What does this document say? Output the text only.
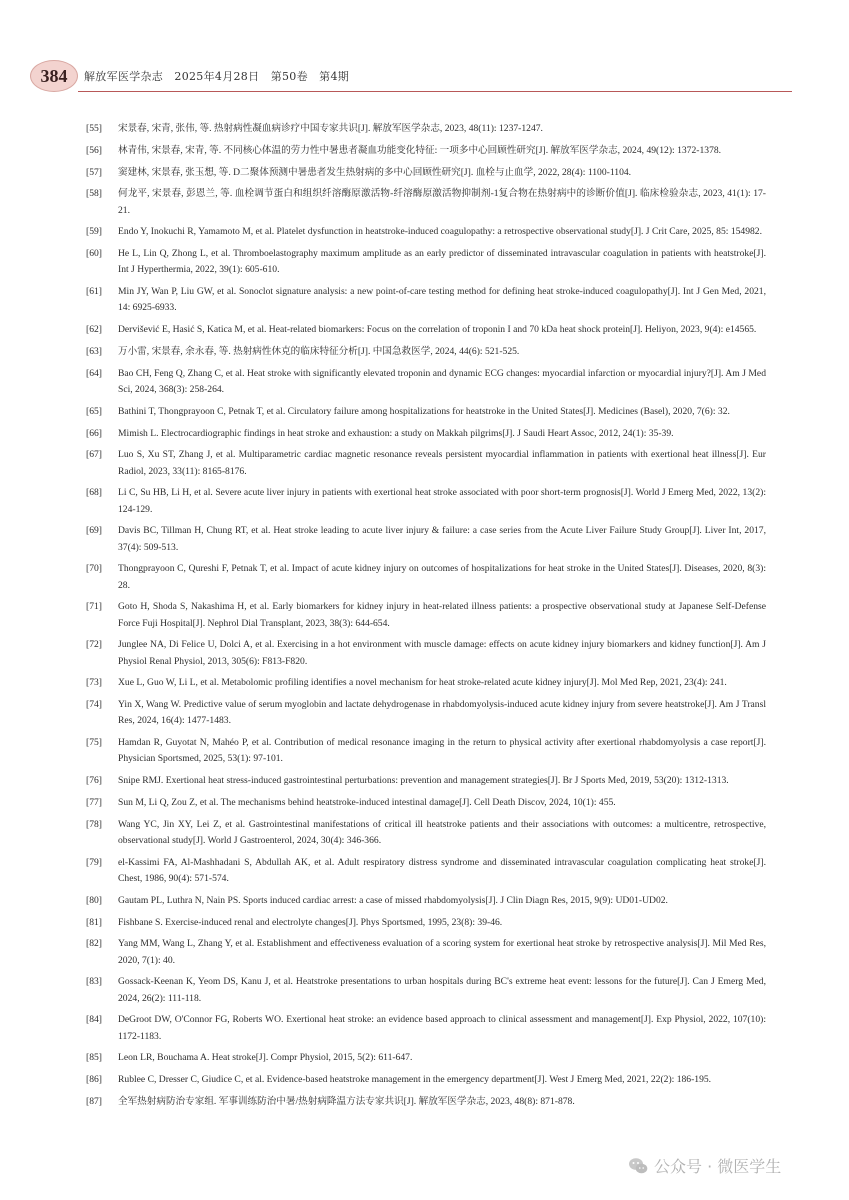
384 解放军医学杂志　2025年4月28日　第50卷　第4期
[55] 宋景春, 宋青, 张伟, 等. 热射病性凝血病诊疗中国专家共识[J]. 解放军医学杂志, 2023, 48(11): 1237-1247.
[56] 林青伟, 宋景春, 宋青, 等. 不同核心体温的劳力性中暑患者凝血功能变化特征: 一项多中心回顾性研究[J]. 解放军医学杂志, 2024, 49(12): 1372-1378.
[57] 窦建林, 宋景春, 张玉想, 等. D二聚体预测中暑患者发生热射病的多中心回顾性研究[J]. 血栓与止血学, 2022, 28(4): 1100-1104.
[58] 何龙平, 宋景春, 彭恩兰, 等. 血栓调节蛋白和组织纤溶酶原激活物-纤溶酶原激活物抑制剂-1复合物在热射病中的诊断价值[J]. 临床检验杂志, 2023, 41(1): 17-21.
[59] Endo Y, Inokuchi R, Yamamoto M, et al. Platelet dysfunction in heatstroke-induced coagulopathy: a retrospective observational study[J]. J Crit Care, 2025, 85: 154982.
[60] He L, Lin Q, Zhong L, et al. Thromboelastography maximum amplitude as an early predictor of disseminated intravascular coagulation in patients with heatstroke[J]. Int J Hyperthermia, 2022, 39(1): 605-610.
[61] Min JY, Wan P, Liu GW, et al. Sonoclot signature analysis: a new point-of-care testing method for defining heat stroke-induced coagulopathy[J]. Int J Gen Med, 2021, 14: 6925-6933.
[62] Dervišević E, Hasić S, Katica M, et al. Heat-related biomarkers: Focus on the correlation of troponin I and 70 kDa heat shock protein[J]. Heliyon, 2023, 9(4): e14565.
[63] 万小雷, 宋景春, 余永春, 等. 热射病性休克的临床特征分析[J]. 中国急救医学, 2024, 44(6): 521-525.
[64] Bao CH, Feng Q, Zhang C, et al. Heat stroke with significantly elevated troponin and dynamic ECG changes: myocardial infarction or myocardial injury?[J]. Am J Med Sci, 2024, 368(3): 258-264.
[65] Bathini T, Thongprayoon C, Petnak T, et al. Circulatory failure among hospitalizations for heatstroke in the United States[J]. Medicines (Basel), 2020, 7(6): 32.
[66] Mimish L. Electrocardiographic findings in heat stroke and exhaustion: a study on Makkah pilgrims[J]. J Saudi Heart Assoc, 2012, 24(1): 35-39.
[67] Luo S, Xu ST, Zhang J, et al. Multiparametric cardiac magnetic resonance reveals persistent myocardial inflammation in patients with exertional heat illness[J]. Eur Radiol, 2023, 33(11): 8165-8176.
[68] Li C, Su HB, Li H, et al. Severe acute liver injury in patients with exertional heat stroke associated with poor short-term prognosis[J]. World J Emerg Med, 2022, 13(2): 124-129.
[69] Davis BC, Tillman H, Chung RT, et al. Heat stroke leading to acute liver injury & failure: a case series from the Acute Liver Failure Study Group[J]. Liver Int, 2017, 37(4): 509-513.
[70] Thongprayoon C, Qureshi F, Petnak T, et al. Impact of acute kidney injury on outcomes of hospitalizations for heat stroke in the United States[J]. Diseases, 2020, 8(3): 28.
[71] Goto H, Shoda S, Nakashima H, et al. Early biomarkers for kidney injury in heat-related illness patients: a prospective observational study at Japanese Self-Defense Force Fuji Hospital[J]. Nephrol Dial Transplant, 2023, 38(3): 644-654.
[72] Junglee NA, Di Felice U, Dolci A, et al. Exercising in a hot environment with muscle damage: effects on acute kidney injury biomarkers and kidney function[J]. Am J Physiol Renal Physiol, 2013, 305(6): F813-F820.
[73] Xue L, Guo W, Li L, et al. Metabolomic profiling identifies a novel mechanism for heat stroke-related acute kidney injury[J]. Mol Med Rep, 2021, 23(4): 241.
[74] Yin X, Wang W. Predictive value of serum myoglobin and lactate dehydrogenase in rhabdomyolysis-induced acute kidney injury from severe heatstroke[J]. Am J Transl Res, 2024, 16(4): 1477-1483.
[75] Hamdan R, Guyotat N, Mahéo P, et al. Contribution of medical resonance imaging in the return to physical activity after exertional rhabdomyolysis a case report[J]. Physician Sportsmed, 2025, 53(1): 97-101.
[76] Snipe RMJ. Exertional heat stress-induced gastrointestinal perturbations: prevention and management strategies[J]. Br J Sports Med, 2019, 53(20): 1312-1313.
[77] Sun M, Li Q, Zou Z, et al. The mechanisms behind heatstroke-induced intestinal damage[J]. Cell Death Discov, 2024, 10(1): 455.
[78] Wang YC, Jin XY, Lei Z, et al. Gastrointestinal manifestations of critical ill heatstroke patients and their associations with outcomes: a multicentre, retrospective, observational study[J]. World J Gastroenterol, 2024, 30(4): 346-366.
[79] el-Kassimi FA, Al-Mashhadani S, Abdullah AK, et al. Adult respiratory distress syndrome and disseminated intravascular coagulation complicating heat stroke[J]. Chest, 1986, 90(4): 571-574.
[80] Gautam PL, Luthra N, Nain PS. Sports induced cardiac arrest: a case of missed rhabdomyolysis[J]. J Clin Diagn Res, 2015, 9(9): UD01-UD02.
[81] Fishbane S. Exercise-induced renal and electrolyte changes[J]. Phys Sportsmed, 1995, 23(8): 39-46.
[82] Yang MM, Wang L, Zhang Y, et al. Establishment and effectiveness evaluation of a scoring system for exertional heat stroke by retrospective analysis[J]. Mil Med Res, 2020, 7(1): 40.
[83] Gossack-Keenan K, Yeom DS, Kanu J, et al. Heatstroke presentations to urban hospitals during BC's extreme heat event: lessons for the future[J]. Can J Emerg Med, 2024, 26(2): 111-118.
[84] DeGroot DW, O'Connor FG, Roberts WO. Exertional heat stroke: an evidence based approach to clinical assessment and management[J]. Exp Physiol, 2022, 107(10): 1172-1183.
[85] Leon LR, Bouchama A. Heat stroke[J]. Compr Physiol, 2015, 5(2): 611-647.
[86] Rublee C, Dresser C, Giudice C, et al. Evidence-based heatstroke management in the emergency department[J]. West J Emerg Med, 2021, 22(2): 186-195.
[87] 全军热射病防治专家组. 军事训练防治中暑/热射病降温方法专家共识[J]. 解放军医学杂志, 2023, 48(8): 871-878.
公众号 · 微医学生
